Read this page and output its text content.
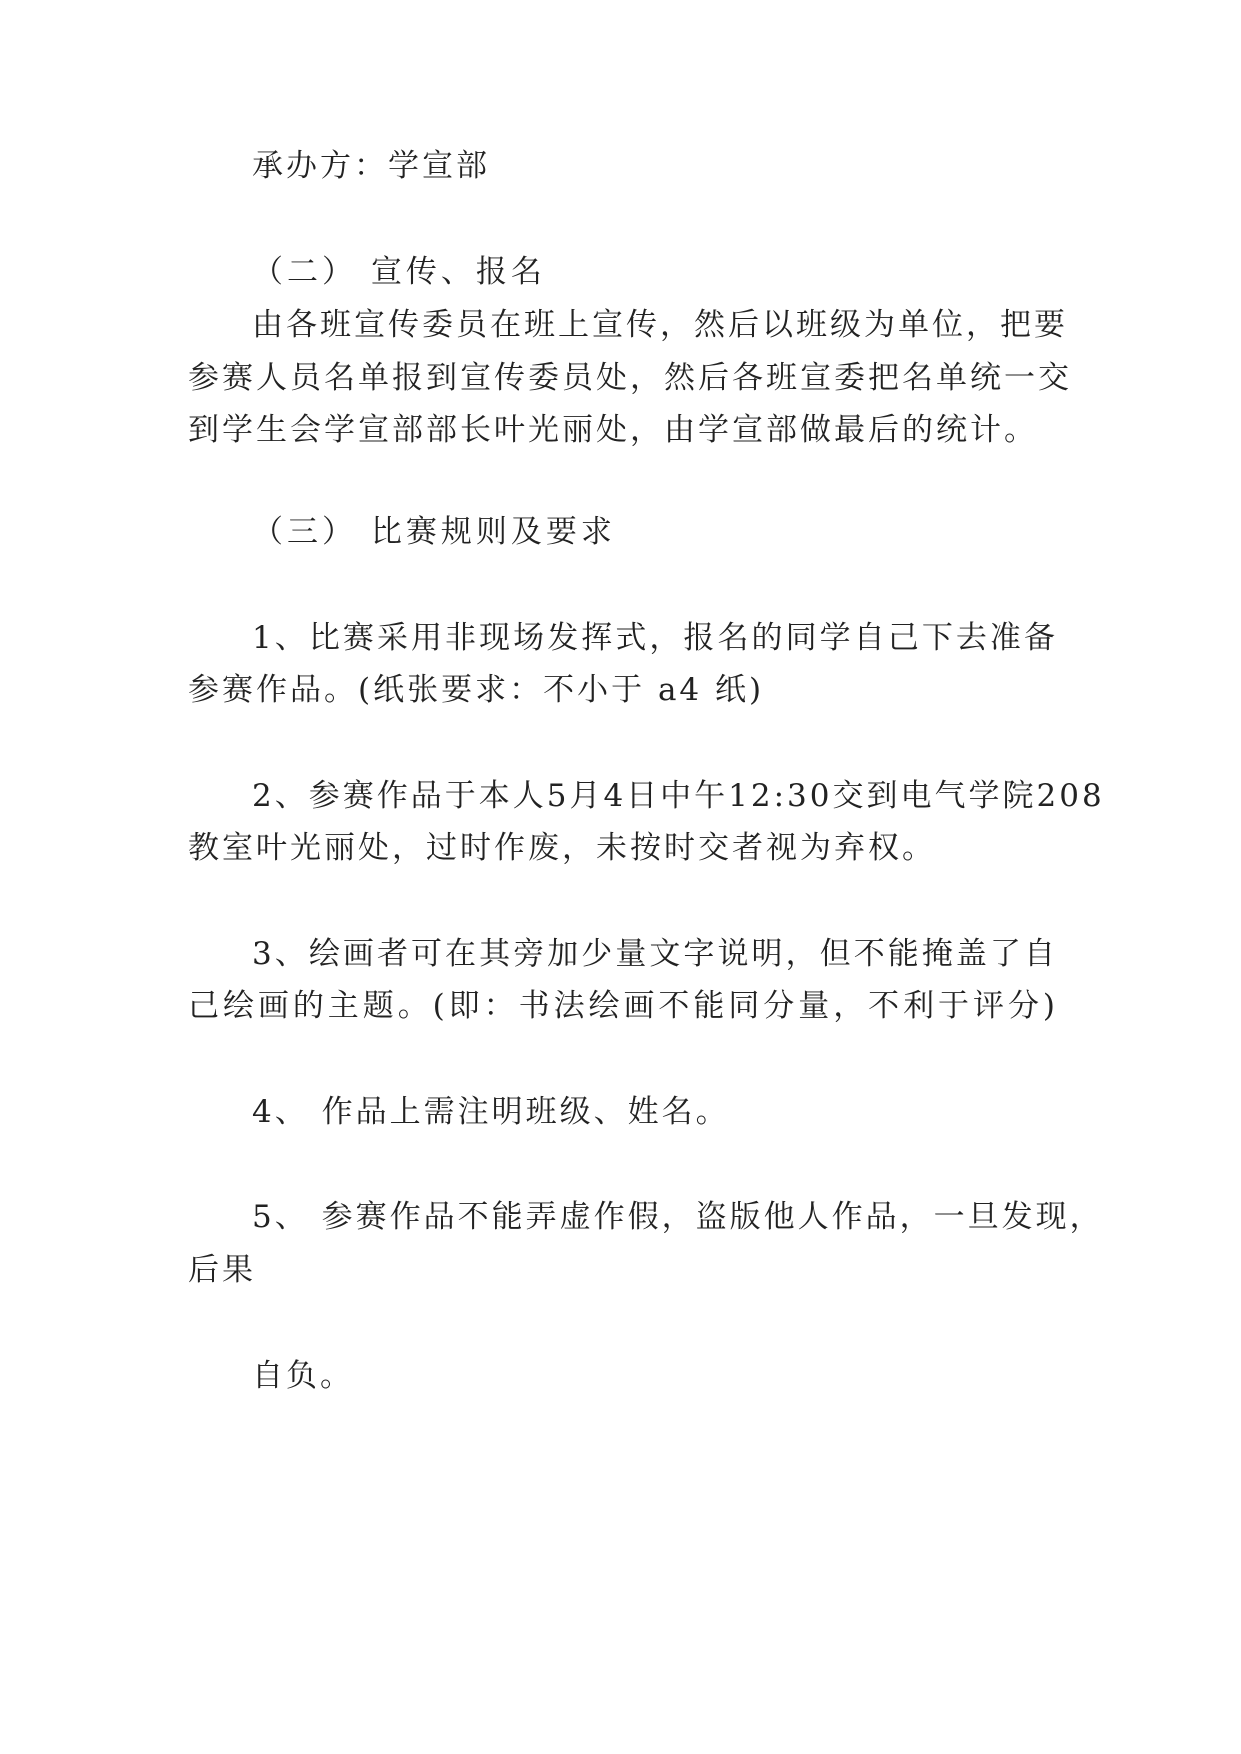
承办方：学宣部
（二） 宣传、报名
由各班宣传委员在班上宣传，然后以班级为单位，把要
参赛人员名单报到宣传委员处，然后各班宣委把名单统一交
到学生会学宣部部长叶光丽处，由学宣部做最后的统计。
（三） 比赛规则及要求
1、比赛采用非现场发挥式，报名的同学自己下去准备
参赛作品。(纸张要求：不小于 a4 纸)
2、参赛作品于本人5月4日中午12:30交到电气学院208
教室叶光丽处，过时作废，未按时交者视为弃权。
3、绘画者可在其旁加少量文字说明，但不能掩盖了自
己绘画的主题。(即：书法绘画不能同分量，不利于评分)
4、 作品上需注明班级、姓名。
5、 参赛作品不能弄虚作假，盗版他人作品，一旦发现，
后果
自负。
